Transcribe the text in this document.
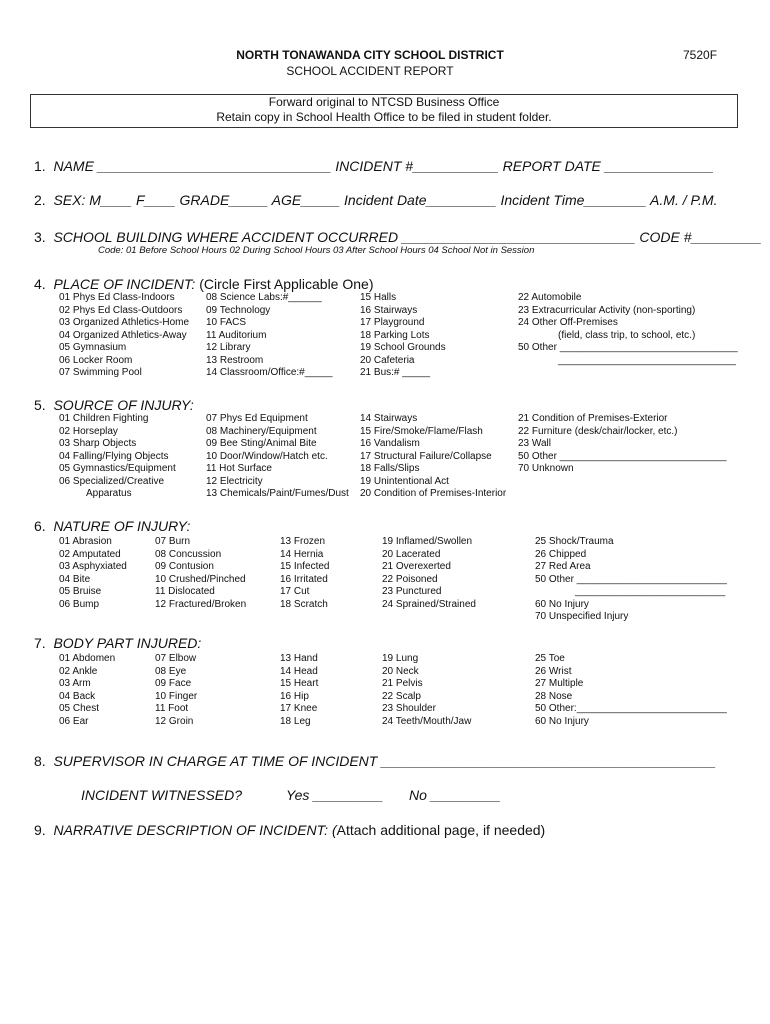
NORTH TONAWANDA CITY SCHOOL DISTRICT	7520F
SCHOOL ACCIDENT REPORT
Forward original to NTCSD Business Office
Retain copy in School Health Office to be filed in student folder.
1. NAME ______________________________ INCIDENT #___________ REPORT DATE ______________
2. SEX: M____ F____ GRADE_____ AGE_____ Incident Date_________ Incident Time________ A.M. / P.M.
3. SCHOOL BUILDING WHERE ACCIDENT OCCURRED ______________________________ CODE #_________
Code: 01 Before School Hours 02 During School Hours 03 After School Hours 04 School Not in Session
4. PLACE OF INCIDENT: (Circle First Applicable One)
01 Phys Ed Class-Indoors
02 Phys Ed Class-Outdoors
03 Organized Athletics-Home
04 Organized Athletics-Away
05 Gymnasium
06 Locker Room
07 Swimming Pool
08 Science Labs:#______
09 Technology
10 FACS
11 Auditorium
12 Library
13 Restroom
14 Classroom/Office:#_____
15 Halls
16 Stairways
17 Playground
18 Parking Lots
19 School Grounds
20 Cafeteria
21 Bus:# _____
22 Automobile
23 Extracurricular Activity (non-sporting)
24 Other Off-Premises
(field, class trip, to school, etc.)
50 Other ________________________________
________________________________
5. SOURCE OF INJURY:
01 Children Fighting
02 Horseplay
03 Sharp Objects
04 Falling/Flying Objects
05 Gymnastics/Equipment
06 Specialized/Creative
Apparatus
07 Phys Ed Equipment
08 Machinery/Equipment
09 Bee Sting/Animal Bite
10 Door/Window/Hatch etc.
11 Hot Surface
12 Electricity
13 Chemicals/Paint/Fumes/Dust
14 Stairways
15 Fire/Smoke/Flame/Flash
16 Vandalism
17 Structural Failure/Collapse
18 Falls/Slips
19 Unintentional Act
20 Condition of Premises-Interior
21 Condition of Premises-Exterior
22 Furniture (desk/chair/locker, etc.)
23 Wall
50 Other ______________________________
70 Unknown
6. NATURE OF INJURY:
01 Abrasion
02 Amputated
03 Asphyxiated
04 Bite
05 Bruise
06 Bump
07 Burn
08 Concussion
09 Contusion
10 Crushed/Pinched
11 Dislocated
12 Fractured/Broken
13 Frozen
14 Hernia
15 Infected
16 Irritated
17 Cut
18 Scratch
19 Inflamed/Swollen
20 Lacerated
21 Overexerted
22 Poisoned
23 Punctured
24 Sprained/Strained
25 Shock/Trauma
26 Chipped
27 Red Area
50 Other ___________________________
___________________________
60 No Injury
70 Unspecified Injury
7. BODY PART INJURED:
01 Abdomen
02 Ankle
03 Arm
04 Back
05 Chest
06 Ear
07 Elbow
08 Eye
09 Face
10 Finger
11 Foot
12 Groin
13 Hand
14 Head
15 Heart
16 Hip
17 Knee
18 Leg
19 Lung
20 Neck
21 Pelvis
22 Scalp
23 Shoulder
24 Teeth/Mouth/Jaw
25 Toe
26 Wrist
27 Multiple
28 Nose
50 Other:___________________________
60 No Injury
8. SUPERVISOR IN CHARGE AT TIME OF INCIDENT ___________________________________________
INCIDENT WITNESSED?	Yes _________ No _________
9. NARRATIVE DESCRIPTION OF INCIDENT: (Attach additional page, if needed)
